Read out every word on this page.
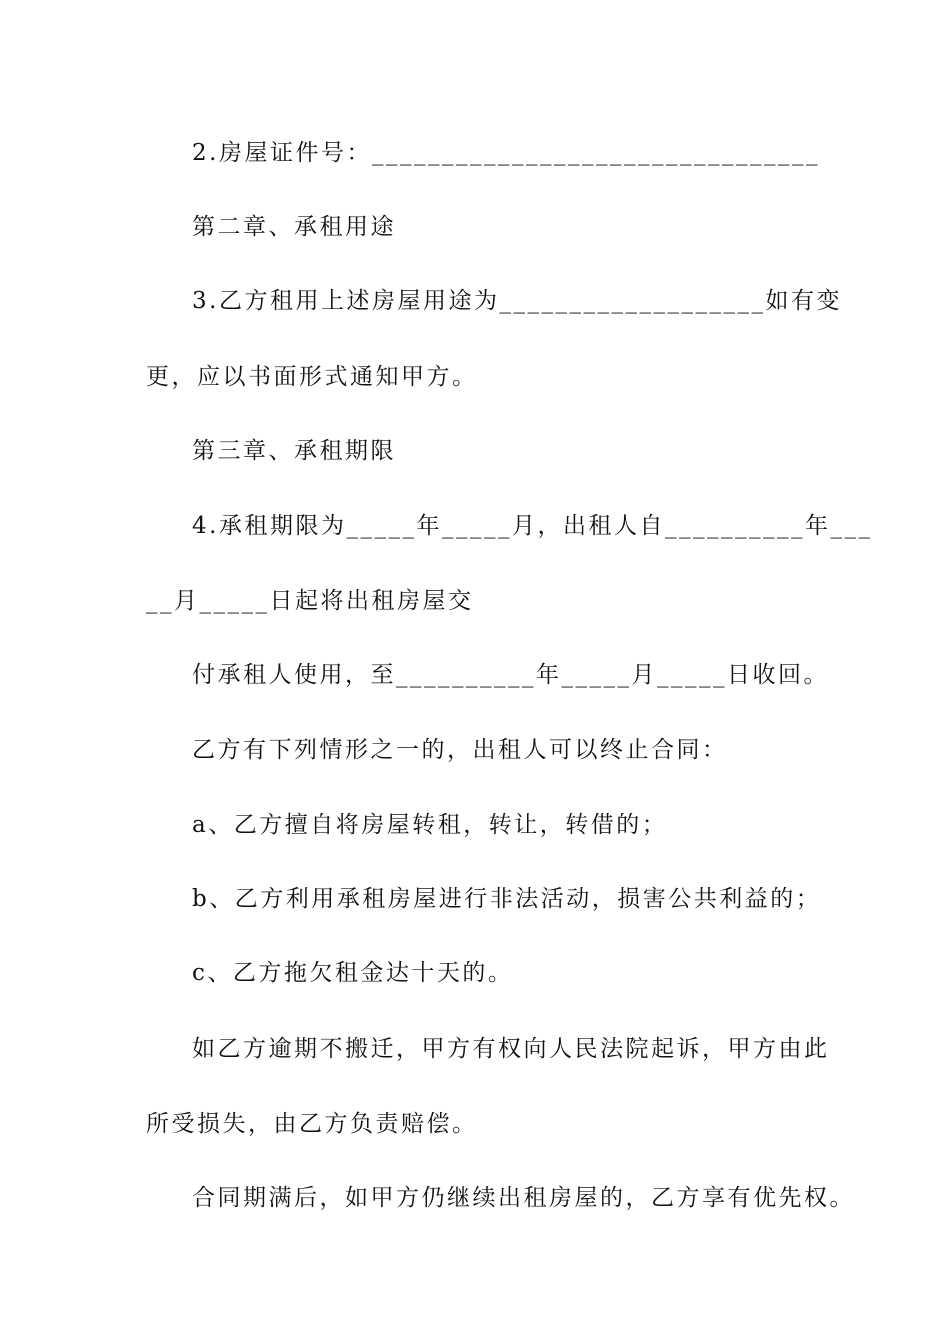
2.房屋证件号：________________________________
第二章、承租用途
3.乙方租用上述房屋用途为___________________如有变
更，应以书面形式通知甲方。
第三章、承租期限
4.承租期限为_____年_____月，出租人自__________年___
__月_____日起将出租房屋交
付承租人使用，至__________年_____月_____日收回。
乙方有下列情形之一的，出租人可以终止合同：
a、乙方擅自将房屋转租，转让，转借的；
b、乙方利用承租房屋进行非法活动，损害公共利益的；
c、乙方拖欠租金达十天的。
如乙方逾期不搬迁，甲方有权向人民法院起诉，甲方由此
所受损失，由乙方负责赔偿。
合同期满后，如甲方仍继续出租房屋的，乙方享有优先权。
